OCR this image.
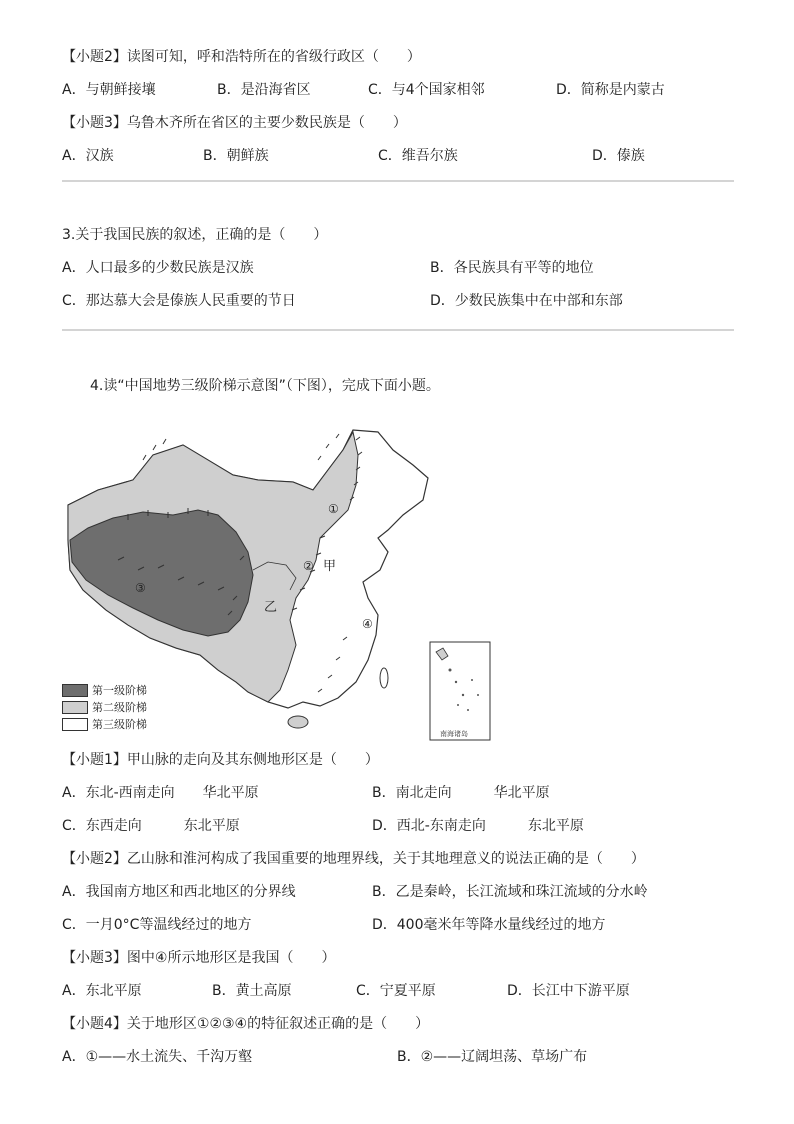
【小题2】读图可知，呼和浩特所在的省级行政区（　　）
A．与朝鲜接壤	B．是沿海省区	C．与4个国家相邻	D．简称是内蒙古
【小题3】乌鲁木齐所在省区的主要少数民族是（　　）
A．汉族	B．朝鲜族	C．维吾尔族	D．傣族
3.关于我国民族的叙述，正确的是（　　）
A．人口最多的少数民族是汉族	B．各民族具有平等的地位
C．那达慕大会是傣族人民重要的节日	D．少数民族集中在中部和东部
4.读“中国地势三级阶梯示意图”（下图），完成下面小题。
①
②
③
④
甲
乙
南海诸岛
第一级阶梯
第二级阶梯
第三级阶梯
【小题1】甲山脉的走向及其东侧地形区是（　　）
A．东北-西南走向　　华北平原	B．南北走向　　　华北平原
C．东西走向　　　东北平原	D．西北-东南走向　　　东北平原
【小题2】乙山脉和淮河构成了我国重要的地理界线，关于其地理意义的说法正确的是（　　）
A．我国南方地区和西北地区的分界线	B．乙是秦岭，长江流域和珠江流域的分水岭
C．一月0°C等温线经过的地方	D．400毫米年等降水量线经过的地方
【小题3】图中④所示地形区是我国（　　）
A．东北平原	B．黄土高原	C．宁夏平原	D．长江中下游平原
【小题4】关于地形区①②③④的特征叙述正确的是（　　）
A．①——水土流失、千沟万壑	B．②——辽阔坦荡、草场广布
